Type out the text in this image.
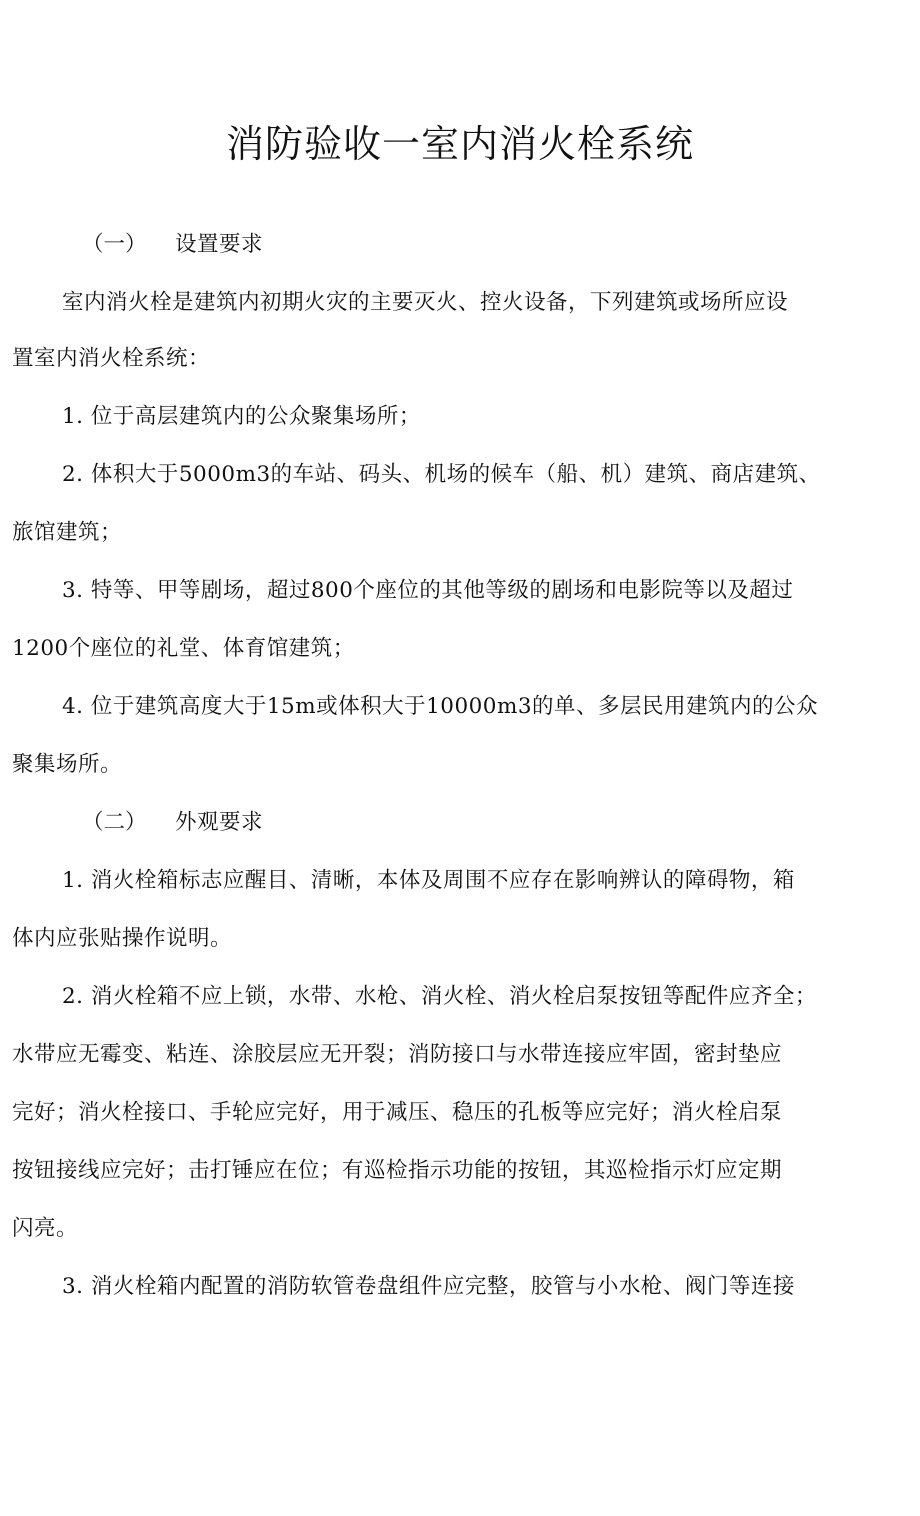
消防验收一室内消火栓系统
（一） 设置要求

室内消火栓是建筑内初期火灾的主要灭火、控火设备，下列建筑或场所应设

置室内消火栓系统：

1. 位于高层建筑内的公众聚集场所；

2. 体积大于5000m3的车站、码头、机场的候车（船、机）建筑、商店建筑、

旅馆建筑；

3. 特等、甲等剧场，超过800个座位的其他等级的剧场和电影院等以及超过

1200个座位的礼堂、体育馆建筑；

4. 位于建筑高度大于15m或体积大于10000m3的单、多层民用建筑内的公众

聚集场所。

（二） 外观要求

1. 消火栓箱标志应醒目、清晰，本体及周围不应存在影响辨认的障碍物，箱

体内应张贴操作说明。

2. 消火栓箱不应上锁，水带、水枪、消火栓、消火栓启泵按钮等配件应齐全；

水带应无霉变、粘连、涂胶层应无开裂；消防接口与水带连接应牢固，密封垫应

完好；消火栓接口、手轮应完好，用于减压、稳压的孔板等应完好；消火栓启泵

按钮接线应完好；击打锤应在位；有巡检指示功能的按钮，其巡检指示灯应定期

闪亮。

3. 消火栓箱内配置的消防软管卷盘组件应完整，胶管与小水枪、阀门等连接
